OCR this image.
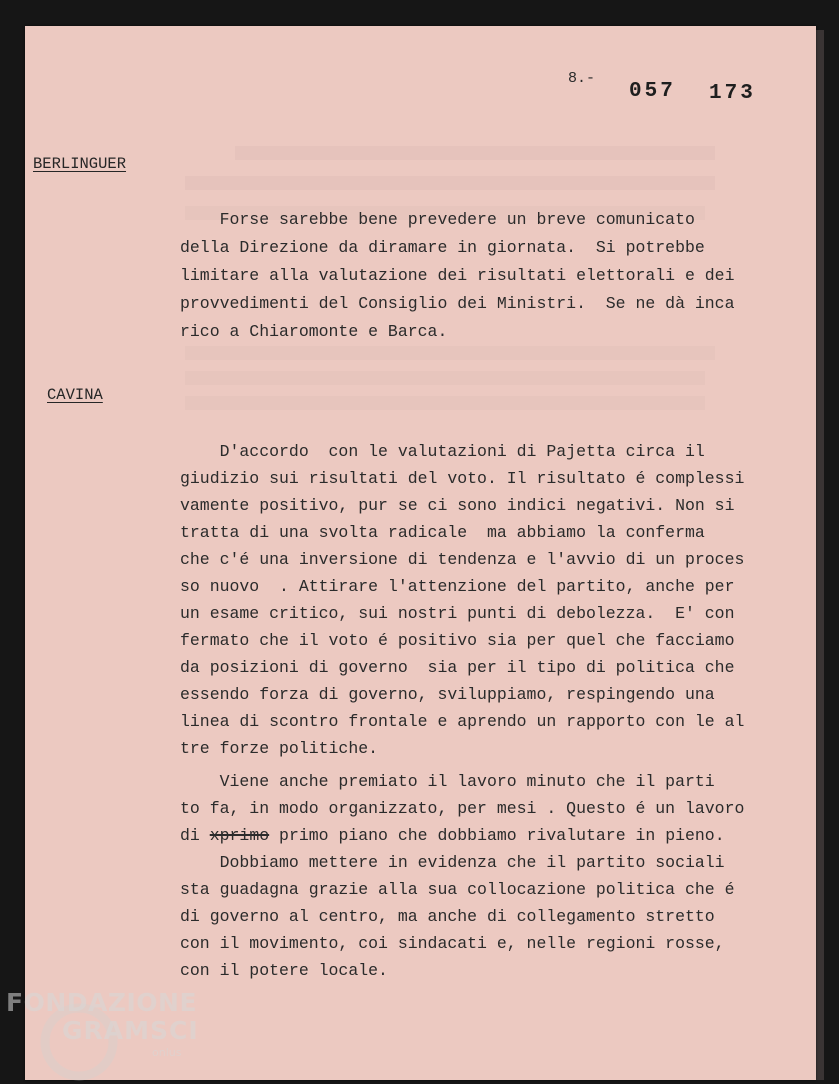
8.-
057 173
BERLINGUER
Forse sarebbe bene prevedere un breve comunicato
della Direzione da diramare in giornata.  Si potrebbe
limitare alla valutazione dei risultati elettorali e dei
provvedimenti del Consiglio dei Ministri.  Se ne dà inca
rico a Chiaromonte e Barca.
CAVINA
D'accordo  con le valutazioni di Pajetta circa il
giudizio sui risultati del voto. Il risultato é complessi
vamente positivo, pur se ci sono indici negativi. Non si
tratta di una svolta radicale  ma abbiamo la conferma
che c'é una inversione di tendenza e l'avvio di un proces
so nuovo  . Attirare l'attenzione del partito, anche per
un esame critico, sui nostri punti di debolezza.  E' con
fermato che il voto é positivo sia per quel che facciamo
da posizioni di governo  sia per il tipo di politica che
essendo forza di governo, sviluppiamo, respingendo una
linea di scontro frontale e aprendo un rapporto con le al
tre forze politiche.
Viene anche premiato il lavoro minuto che il parti
to fa, in modo organizzato, per mesi . Questo é un lavoro
di xprimo primo piano che dobbiamo rivalutare in pieno.
Dobbiamo mettere in evidenza che il partito sociali
sta guadagna grazie alla sua collocazione politica che é
di governo al centro, ma anche di collegamento stretto
con il movimento, coi sindacati e, nelle regioni rosse,
con il potere locale.
FONDAZIONE
GRAMSCI
onlus
